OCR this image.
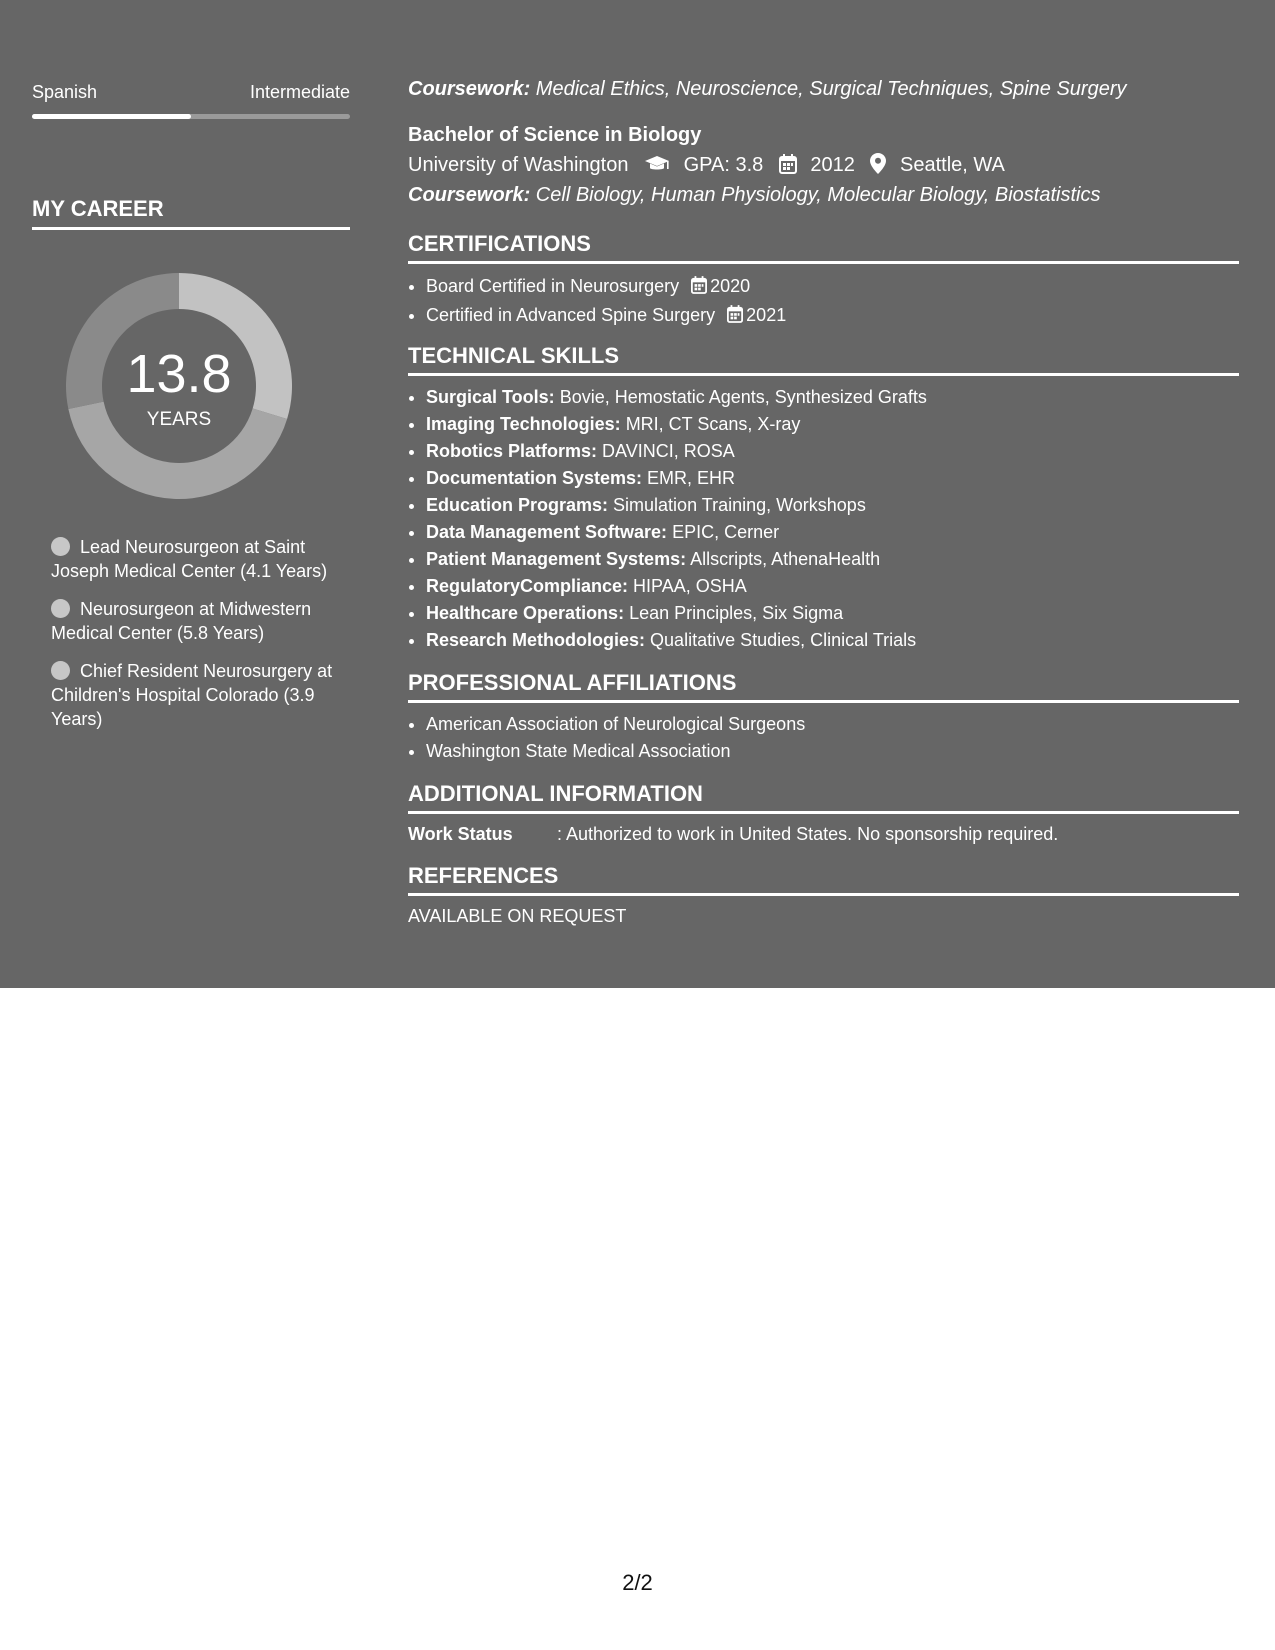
Spanish	Intermediate
MY CAREER
13.8
YEARS
Lead Neurosurgeon at Saint Joseph Medical Center (4.1 Years)
Neurosurgeon at Midwestern Medical Center (5.8 Years)
Chief Resident Neurosurgery at Children's Hospital Colorado (3.9 Years)
Coursework: Medical Ethics, Neuroscience, Surgical Techniques, Spine Surgery
Bachelor of Science in Biology
University of Washington	GPA: 3.8 2012 Seattle, WA
Coursework: Cell Biology, Human Physiology, Molecular Biology, Biostatistics
CERTIFICATIONS
• Board Certified in Neurosurgery 2020
• Certified in Advanced Spine Surgery 2021
TECHNICAL SKILLS
• Surgical Tools: Bovie, Hemostatic Agents, Synthesized Grafts
• Imaging Technologies: MRI, CT Scans, X-ray
• Robotics Platforms: DAVINCI, ROSA
• Documentation Systems: EMR, EHR
• Education Programs: Simulation Training, Workshops
• Data Management Software: EPIC, Cerner
• Patient Management Systems: Allscripts, AthenaHealth
• RegulatoryCompliance: HIPAA, OSHA
• Healthcare Operations: Lean Principles, Six Sigma
• Research Methodologies: Qualitative Studies, Clinical Trials
PROFESSIONAL AFFILIATIONS
• American Association of Neurological Surgeons
• Washington State Medical Association
ADDITIONAL INFORMATION
Work Status : Authorized to work in United States. No sponsorship required.
REFERENCES
AVAILABLE ON REQUEST
2/2
